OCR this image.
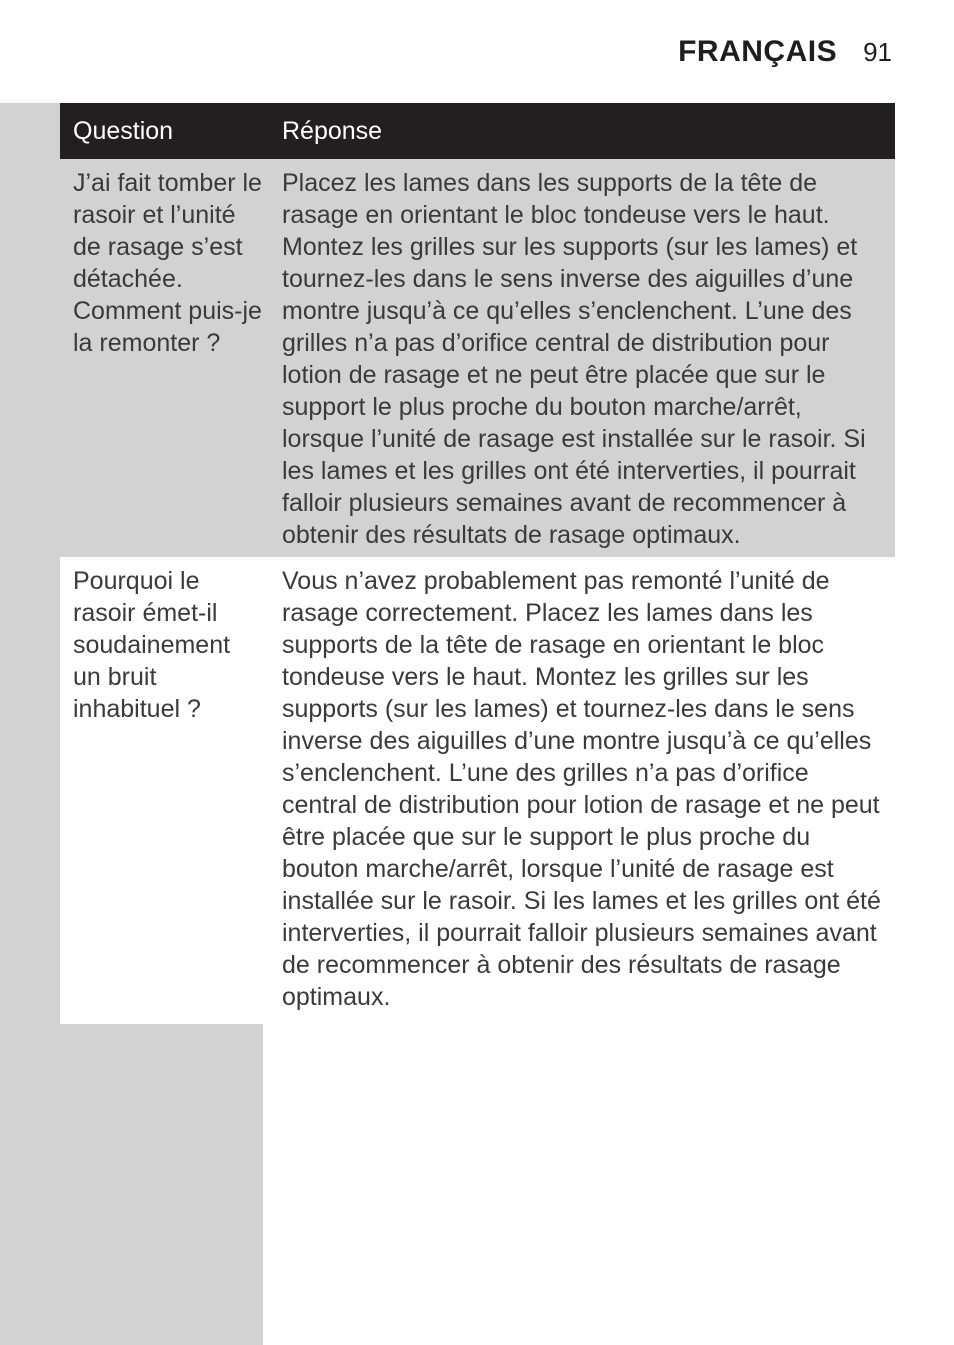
FRANÇAIS 91
Question	Réponse
J’ai fait tomber le rasoir et l’unité de rasage s’est détachée. Comment puis-je la remonter ?
Placez les lames dans les supports de la tête de rasage en orientant le bloc tondeuse vers le haut. Montez les grilles sur les supports (sur les lames) et tournez-les dans le sens inverse des aiguilles d’une montre jusqu’à ce qu’elles s’enclenchent. L’une des grilles n’a pas d’orifice central de distribution pour lotion de rasage et ne peut être placée que sur le support le plus proche du bouton marche/arrêt, lorsque l’unité de rasage est installée sur le rasoir. Si les lames et les grilles ont été interverties, il pourrait falloir plusieurs semaines avant de recommencer à obtenir des résultats de rasage optimaux.
Pourquoi le rasoir émet-il soudainement un bruit inhabituel ?
Vous n’avez probablement pas remonté l’unité de rasage correctement. Placez les lames dans les supports de la tête de rasage en orientant le bloc tondeuse vers le haut. Montez les grilles sur les supports (sur les lames) et tournez-les dans le sens inverse des aiguilles d’une montre jusqu’à ce qu’elles s’enclenchent. L’une des grilles n’a pas d’orifice central de distribution pour lotion de rasage et ne peut être placée que sur le support le plus proche du bouton marche/arrêt, lorsque l’unité de rasage est installée sur le rasoir. Si les lames et les grilles ont été interverties, il pourrait falloir plusieurs semaines avant de recommencer à obtenir des résultats de rasage optimaux.
